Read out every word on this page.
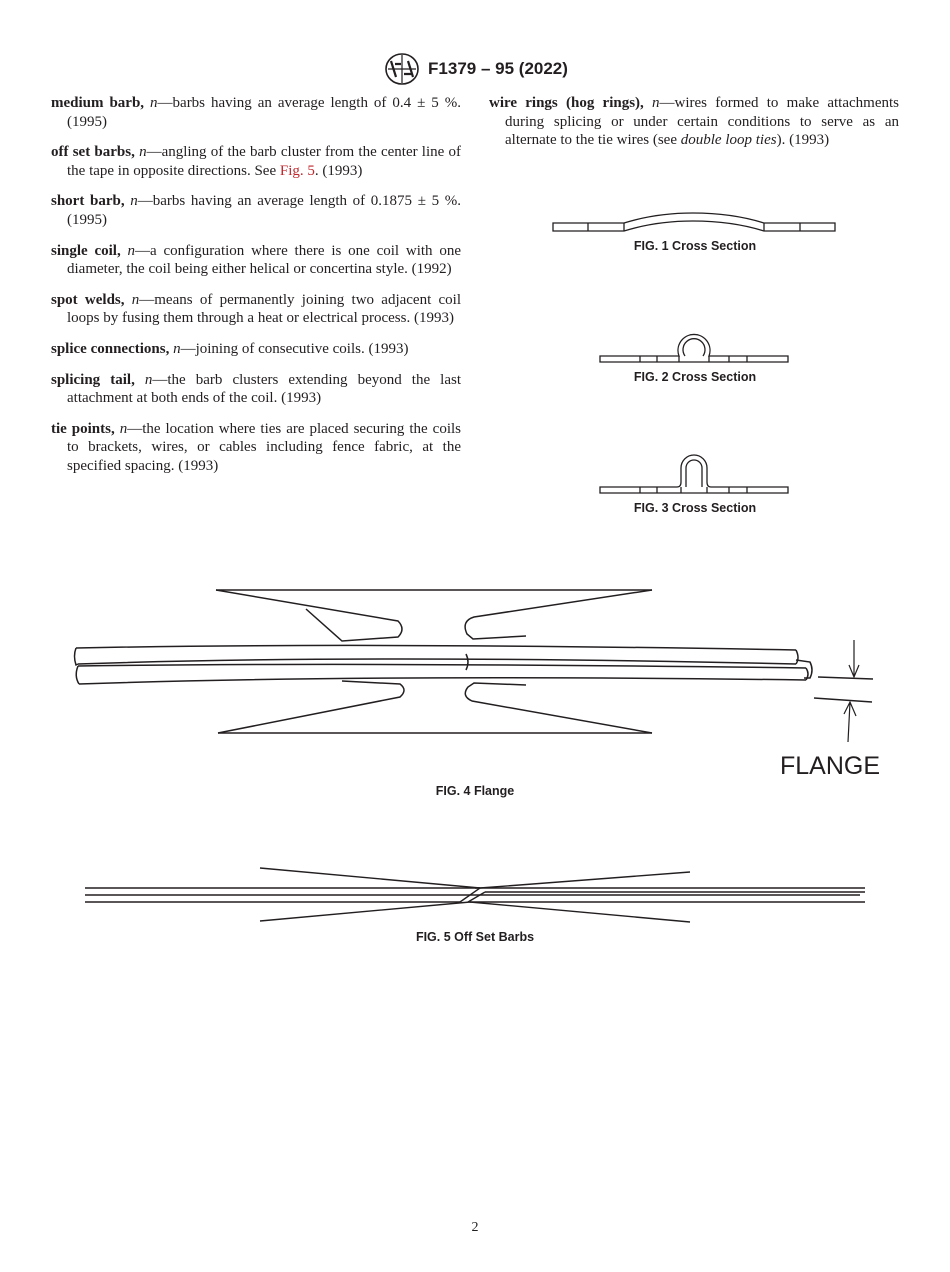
F1379 – 95 (2022)

medium barb, n—barbs having an average length of 0.4 ± 5 %. (1995)

off set barbs, n—angling of the barb cluster from the center line of the tape in opposite directions. See Fig. 5. (1993)

short barb, n—barbs having an average length of 0.1875 ± 5 %. (1995)

single coil, n—a configuration where there is one coil with one diameter, the coil being either helical or concertina style. (1992)

spot welds, n—means of permanently joining two adjacent coil loops by fusing them through a heat or electrical process. (1993)

splice connections, n—joining of consecutive coils. (1993)

splicing tail, n—the barb clusters extending beyond the last attachment at both ends of the coil. (1993)

tie points, n—the location where ties are placed securing the coils to brackets, wires, or cables including fence fabric, at the specified spacing. (1993)

wire rings (hog rings), n—wires formed to make attachments during splicing or under certain conditions to serve as an alternate to the tie wires (see double loop ties). (1993)

FIG. 1 Cross Section
FIG. 2 Cross Section
FIG. 3 Cross Section
FLANGE
FIG. 4 Flange
FIG. 5 Off Set Barbs
2
